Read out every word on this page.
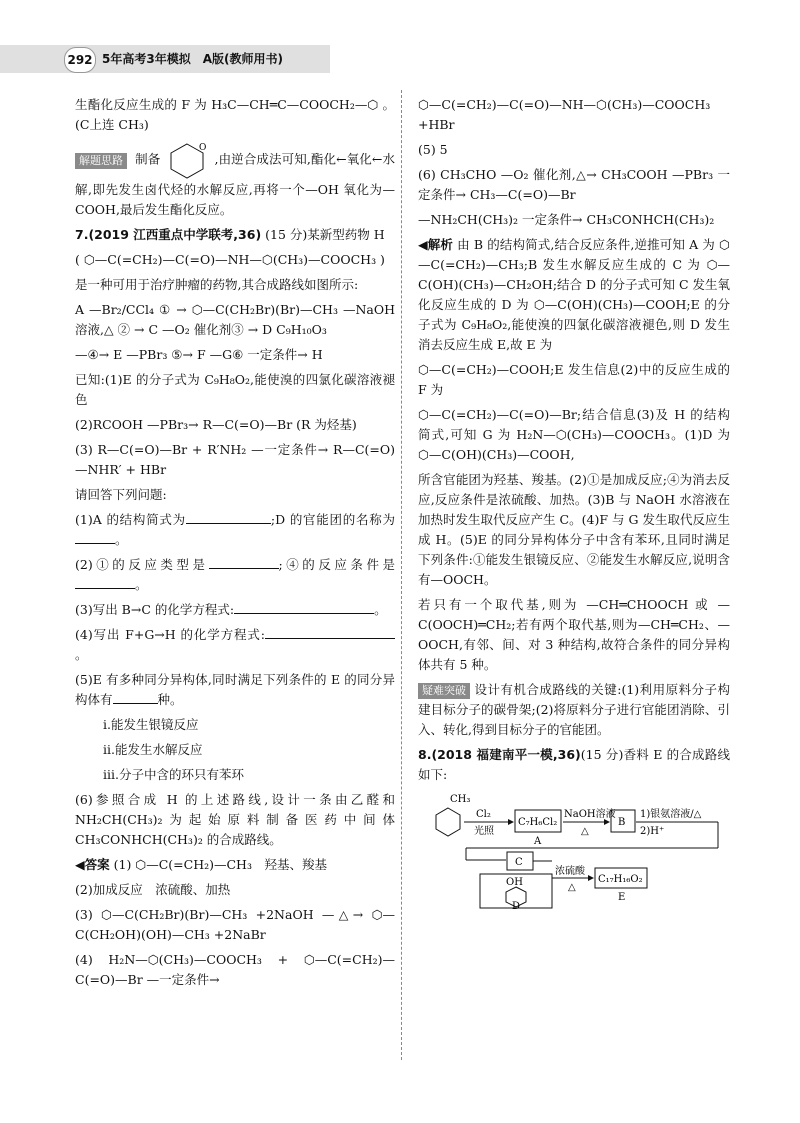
292 5年高考3年模拟　A版(教师用书)

生酯化反应生成的 F 为 H₃C—CH═C—COOCH₂—⬡ 。 (C上连 CH₃)

解题思路 制备
O
,由逆合成法可知,酯化←氧化←水解,即先发生卤代烃的水解反应,再将一个—OH 氧化为—COOH,最后发生酯化反应。

7.(2019 江西重点中学联考,36) (15 分)某新型药物 H

( ⬡—C(=CH₂)—C(=O)—NH—⬡(CH₃)—COOCH₃ )

是一种可用于治疗肿瘤的药物,其合成路线如图所示:

A —Br₂/CCl₄ ① → ⬡—C(CH₂Br)(Br)—CH₃ —NaOH 溶液,△ ② → C —O₂ 催化剂③ → D C₉H₁₀O₃

—④→ E —PBr₃ ⑤→ F —G⑥ 一定条件→ H

已知:(1)E 的分子式为 C₉H₈O₂,能使溴的四氯化碳溶液褪色

(2)RCOOH —PBr₃→ R—C(=O)—Br (R 为烃基)

(3) R—C(=O)—Br + R′NH₂ —一定条件→ R—C(=O)—NHR′ + HBr

请回答下列问题:

(1)A 的结构简式为	;D 的官能团的名称为。

(2)①的反应类型是	;④的反应条件是。

(3)写出 B→C 的化学方程式:	。

(4)写出 F+G→H 的化学方程式:。

(5)E 有多种同分异构体,同时满足下列条件的 E 的同分异构体有	种。

ⅰ.能发生银镜反应

ⅱ.能发生水解反应

ⅲ.分子中含的环只有苯环

(6)参照合成 H 的上述路线,设计一条由乙醛和 NH₂CH(CH₃)₂为起始原料制备医药中间体 CH₃CONHCH(CH₃)₂ 的合成路线。

◀答案 (1) ⬡—C(=CH₂)—CH₃　羟基、羧基

(2)加成反应　浓硫酸、加热

(3) ⬡—C(CH₂Br)(Br)—CH₃ +2NaOH —△→ ⬡—C(CH₂OH)(OH)—CH₃ +2NaBr

(4) H₂N—⬡(CH₃)—COOCH₃ + ⬡—C(=CH₂)—C(=O)—Br —一定条件→

⬡—C(=CH₂)—C(=O)—NH—⬡(CH₃)—COOCH₃ +HBr

(5) 5

(6) CH₃CHO —O₂ 催化剂,△→ CH₃COOH —PBr₃ 一定条件→ CH₃—C(=O)—Br

—NH₂CH(CH₃)₂ 一定条件→ CH₃CONHCH(CH₃)₂

◀解析 由 B 的结构简式,结合反应条件,逆推可知 A 为 ⬡—C(=CH₂)—CH₃;B 发生水解反应生成的 C 为 ⬡—C(OH)(CH₃)—CH₂OH;结合 D 的分子式可知 C 发生氧化反应生成的 D 为 ⬡—C(OH)(CH₃)—COOH;E 的分子式为 C₉H₈O₂,能使溴的四氯化碳溶液褪色,则 D 发生消去反应生成 E,故 E 为

⬡—C(=CH₂)—COOH;E 发生信息(2)中的反应生成的 F 为

⬡—C(=CH₂)—C(=O)—Br;结合信息(3)及 H 的结构简式,可知 G 为 H₂N—⬡(CH₃)—COOCH₃。(1)D 为 ⬡—C(OH)(CH₃)—COOH,

所含官能团为羟基、羧基。(2)①是加成反应;④为消去反应,反应条件是浓硫酸、加热。(3)B 与 NaOH 水溶液在加热时发生取代反应产生 C。(4)F 与 G 发生取代反应生成 H。(5)E 的同分异构体分子中含有苯环,且同时满足下列条件:①能发生银镜反应、②能发生水解反应,说明含有—OOCH。

若只有一个取代基,则为 —CH═CHOOCH 或 —C(OOCH)═CH₂;若有两个取代基,则为—CH═CH₂、—OOCH,有邻、间、对 3 种结构,故符合条件的同分异构体共有 5 种。

疑难突破 设计有机合成路线的关键:(1)利用原料分子构建目标分子的碳骨架;(2)将原料分子进行官能团消除、引入、转化,得到目标分子的官能团。

8.(2018 福建南平一模,36)(15 分)香料 E 的合成路线如下:

CH₃
Cl₂
光照
C₇H₆Cl₂
A
NaOH溶液
△
B
1)银氨溶液/△
2)H⁺
C
OH
浓硫酸
△
C₁₇H₁₆O₂
E
D
